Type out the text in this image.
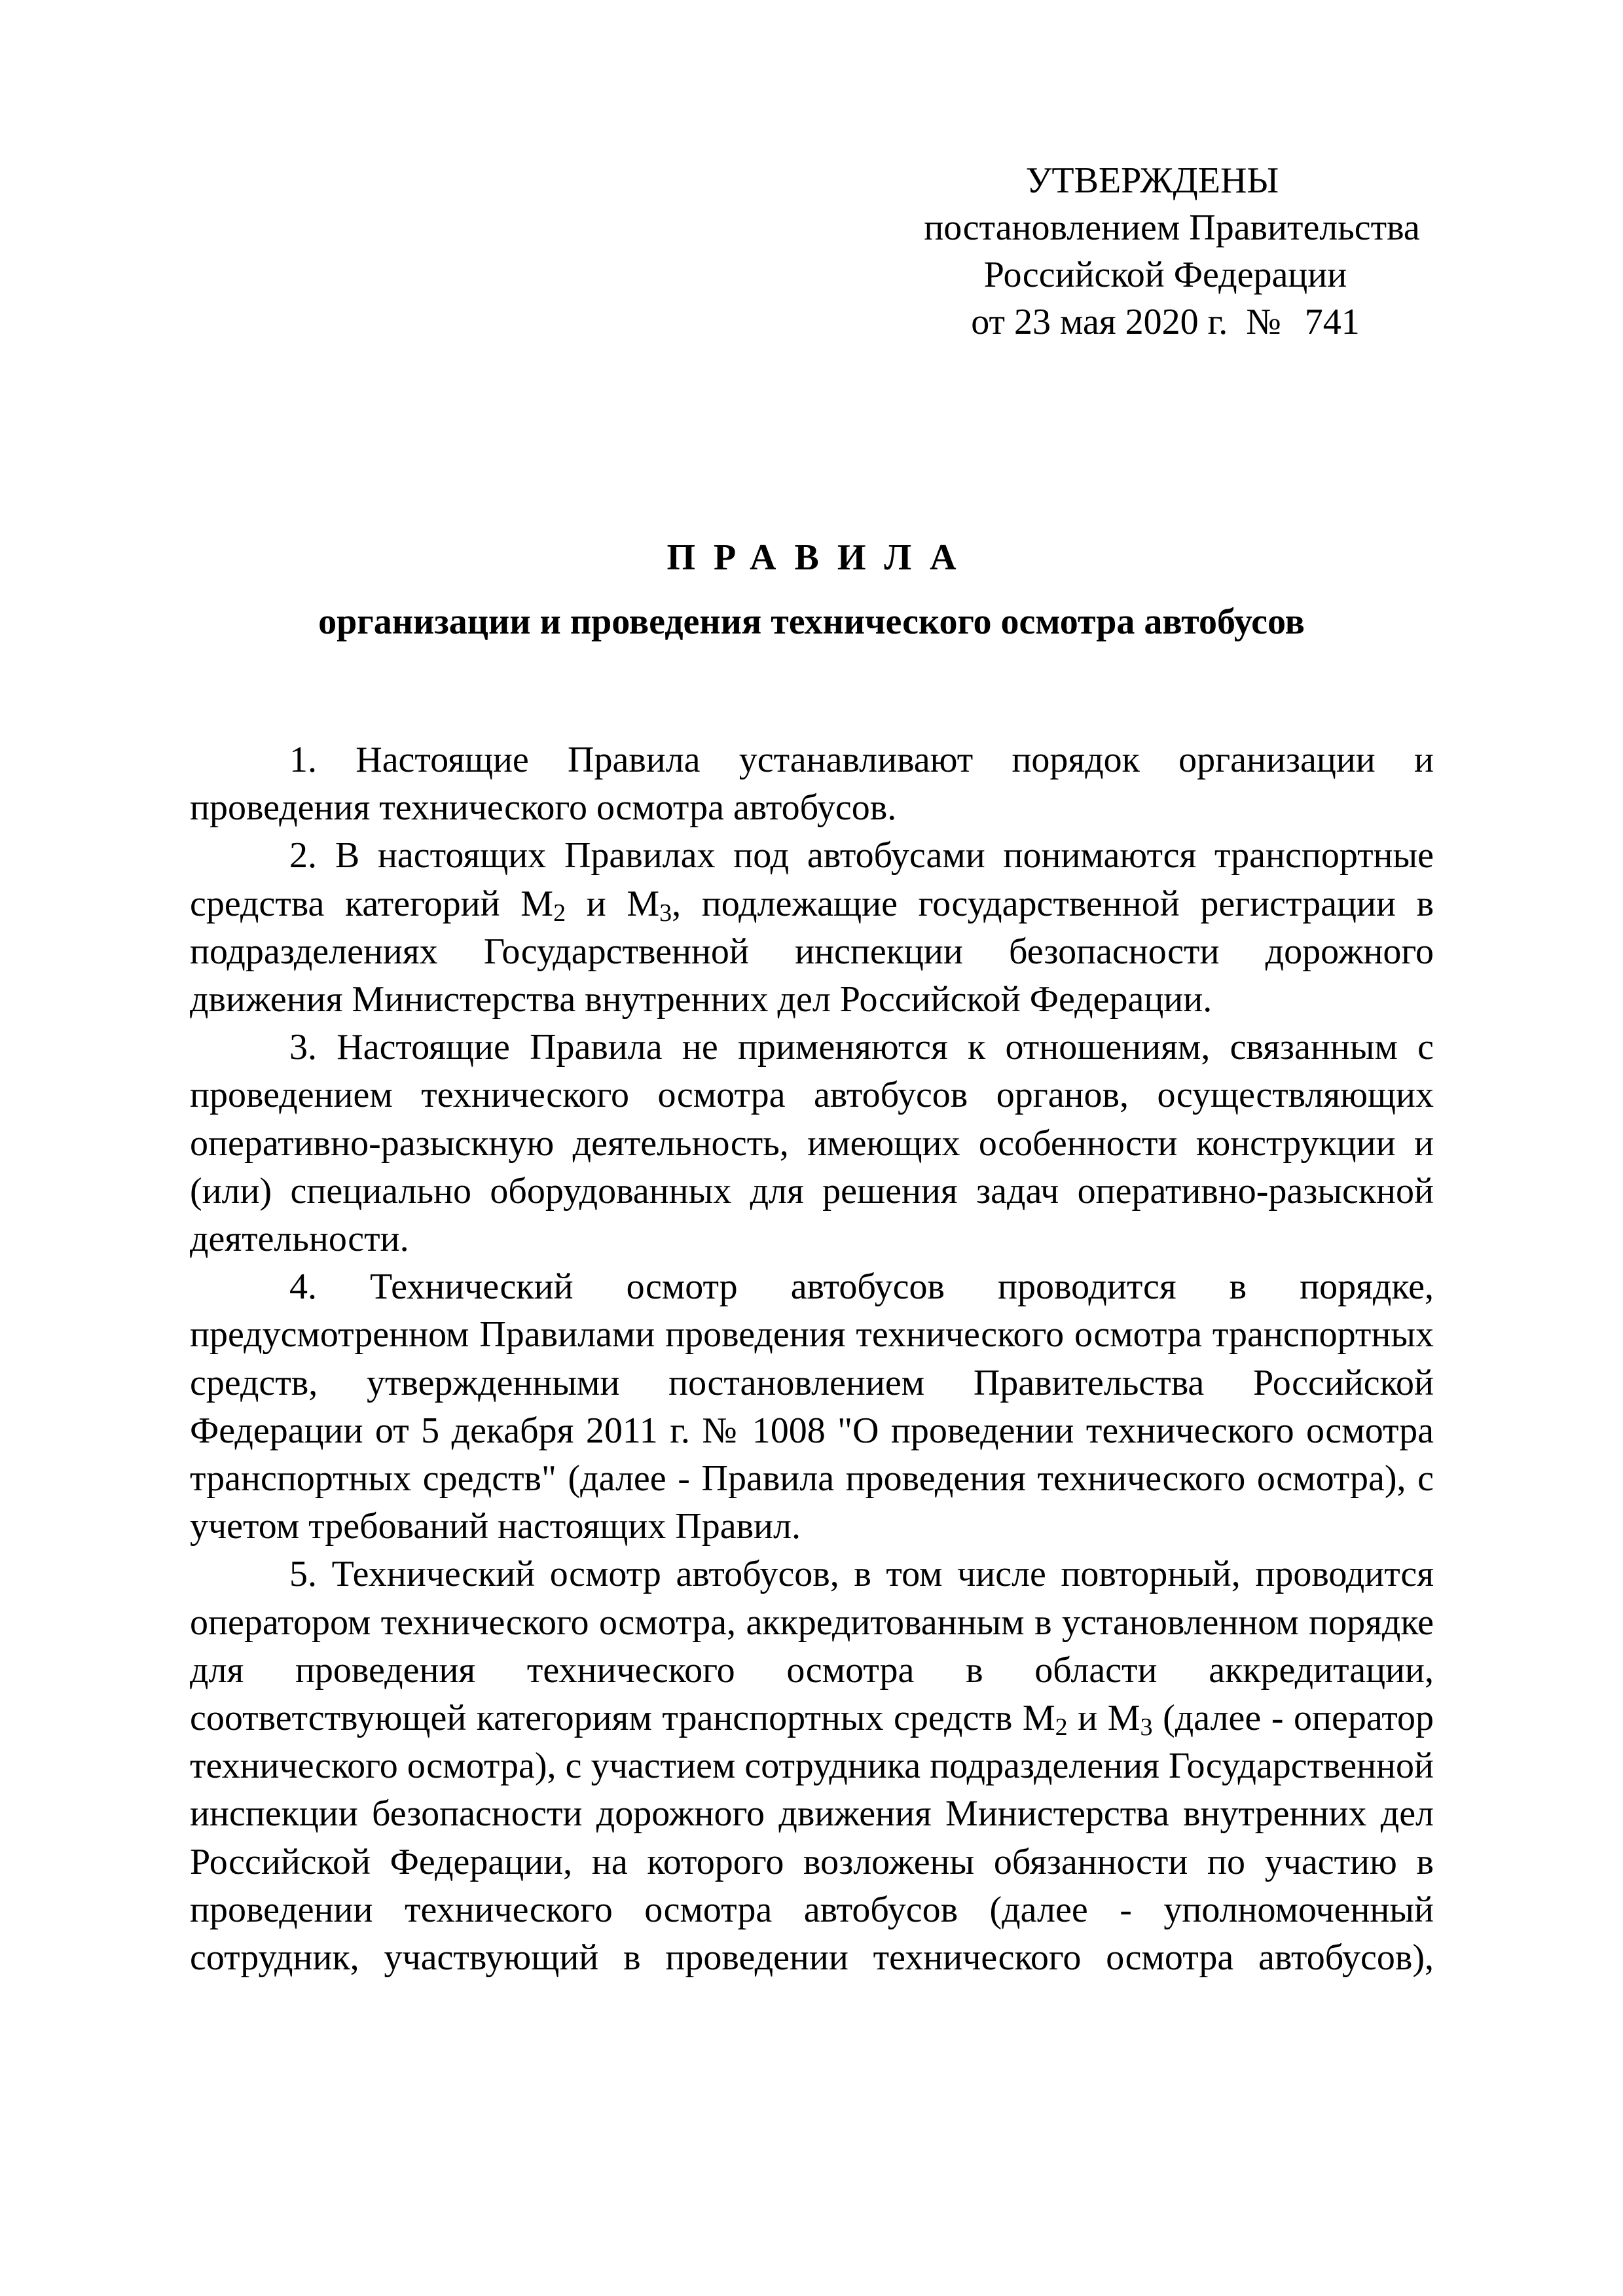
УТВЕРЖДЕНЫ
постановлением Правительства
Российской Федерации
от 23 мая 2020 г. № 741
ПРАВИЛА
организации и проведения технического осмотра автобусов

1. Настоящие Правила устанавливают порядок организации и проведения технического осмотра автобусов.

2. В настоящих Правилах под автобусами понимаются транспортные средства категорий $М_2$ и $М_3$, подлежащие государственной регистрации в подразделениях Государственной инспекции безопасности дорожного движения Министерства внутренних дел Российской Федерации.

3. Настоящие Правила не применяются к отношениям, связанным с проведением технического осмотра автобусов органов, осуществляющих оперативно-разыскную деятельность, имеющих особенности конструкции и (или) специально оборудованных для решения задач оперативно-разыскной деятельности.

4. Технический осмотр автобусов проводится в порядке, предусмотренном Правилами проведения технического осмотра транспортных средств, утвержденными постановлением Правительства Российской Федерации от 5 декабря 2011 г. № 1008 "О проведении технического осмотра транспортных средств" (далее - Правила проведения технического осмотра), с учетом требований настоящих Правил.

5. Технический осмотр автобусов, в том числе повторный, проводится оператором технического осмотра, аккредитованным в установленном порядке для проведения технического осмотра в области аккредитации, соответствующей категориям транспортных средств $М_2$ и $М_3$ (далее - оператор технического осмотра), с участием сотрудника подразделения Государственной инспекции безопасности дорожного движения Министерства внутренних дел Российской Федерации, на которого возложены обязанности по участию в проведении технического осмотра автобусов (далее - уполномоченный сотрудник, участвующий в проведении технического осмотра автобусов),
